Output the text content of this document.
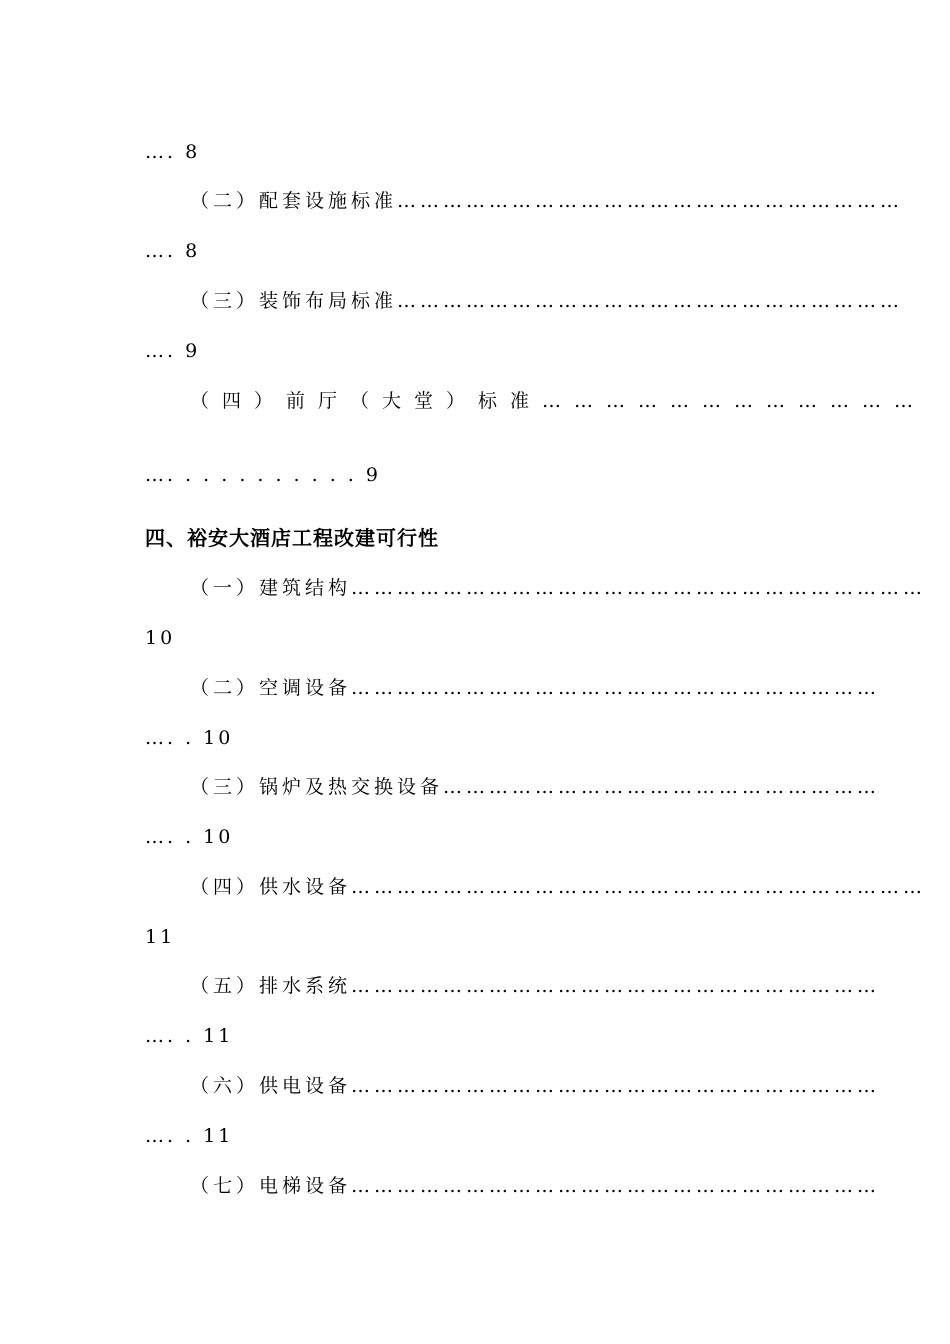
…. 8
（二）配套设施标准…………………………………………………………
…. 8
（三）装饰布局标准…………………………………………………………
…. 9
（四）前厅（大堂）标准………………………………
…. . . . . . . . . . . 9
四、裕安大酒店工程改建可行性
（一）建筑结构…………………………………………………………………
10
（二）空调设备……………………………………………………………
…. . 10
（三）锅炉及热交换设备…………………………………………………
…. . 10
（四）供水设备…………………………………………………………………
11
（五）排水系统……………………………………………………………
…. . 11
（六）供电设备……………………………………………………………
…. . 11
（七）电梯设备……………………………………………………………
